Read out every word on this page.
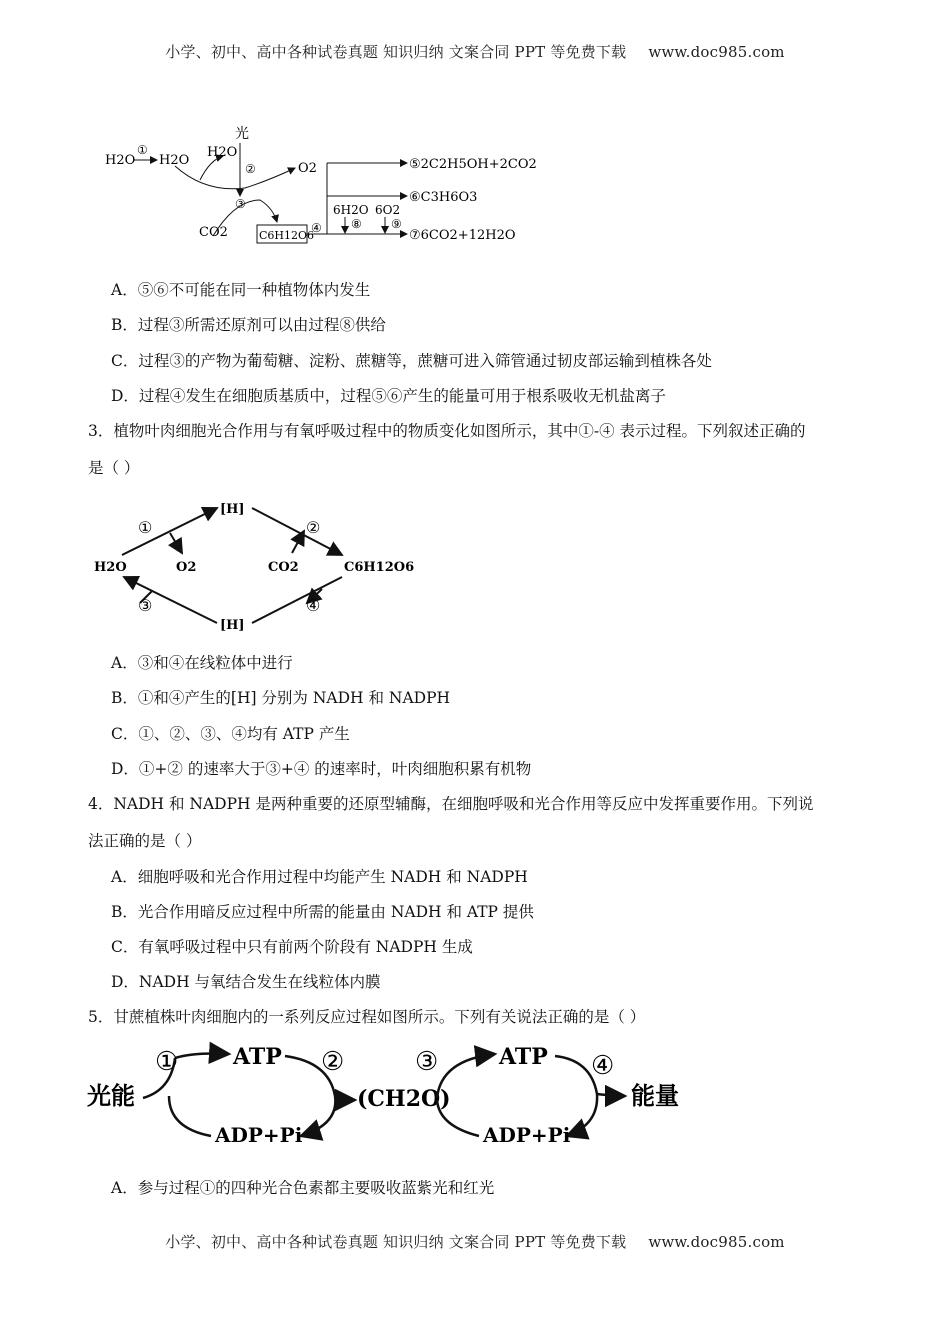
小学、初中、高中各种试卷真题 知识归纳 文案合同 PPT 等免费下载 www.doc985.com
光
H2O
①
H2O
H2O
②	O2
③
CO2	C6H12O6
④
⑤2C2H5OH+2CO2
⑥C3H6O3
⑦6CO2+12H2O
6H2O 6O2
⑧ ⑨
A．⑤⑥不可能在同一种植物体内发生
B．过程③所需还原剂可以由过程⑧供给
C．过程③的产物为葡萄糖、淀粉、蔗糖等，蔗糖可进入筛管通过韧皮部运输到植株各处
D．过程④发生在细胞质基质中，过程⑤⑥产生的能量可用于根系吸收无机盐离子
3．植物叶肉细胞光合作用与有氧呼吸过程中的物质变化如图所示，其中①-④ 表示过程。下列叙述正确的
是（ ）
H2O	O2	CO2	C6H12O6
[H]
[H]
①	②
③	④
A．③和④在线粒体中进行
B．①和④产生的[H] 分别为 NADH 和 NADPH
C．①、②、③、④均有 ATP 产生
D．①+② 的速率大于③+④ 的速率时，叶肉细胞积累有机物
4．NADH 和 NADPH 是两种重要的还原型辅酶，在细胞呼吸和光合作用等反应中发挥重要作用。下列说
法正确的是（ ）
A．细胞呼吸和光合作用过程中均能产生 NADH 和 NADPH
B．光合作用暗反应过程中所需的能量由 NADH 和 ATP 提供
C．有氧呼吸过程中只有前两个阶段有 NADPH 生成
D．NADH 与氧结合发生在线粒体内膜
5．甘蔗植株叶肉细胞内的一系列反应过程如图所示。下列有关说法正确的是（ ）
光能
ATP
ADP+Pi
(CH2O)
ATP
能量
ADP+Pi
①	②	③	④
A．参与过程①的四种光合色素都主要吸收蓝紫光和红光
小学、初中、高中各种试卷真题 知识归纳 文案合同 PPT 等免费下载 www.doc985.com
